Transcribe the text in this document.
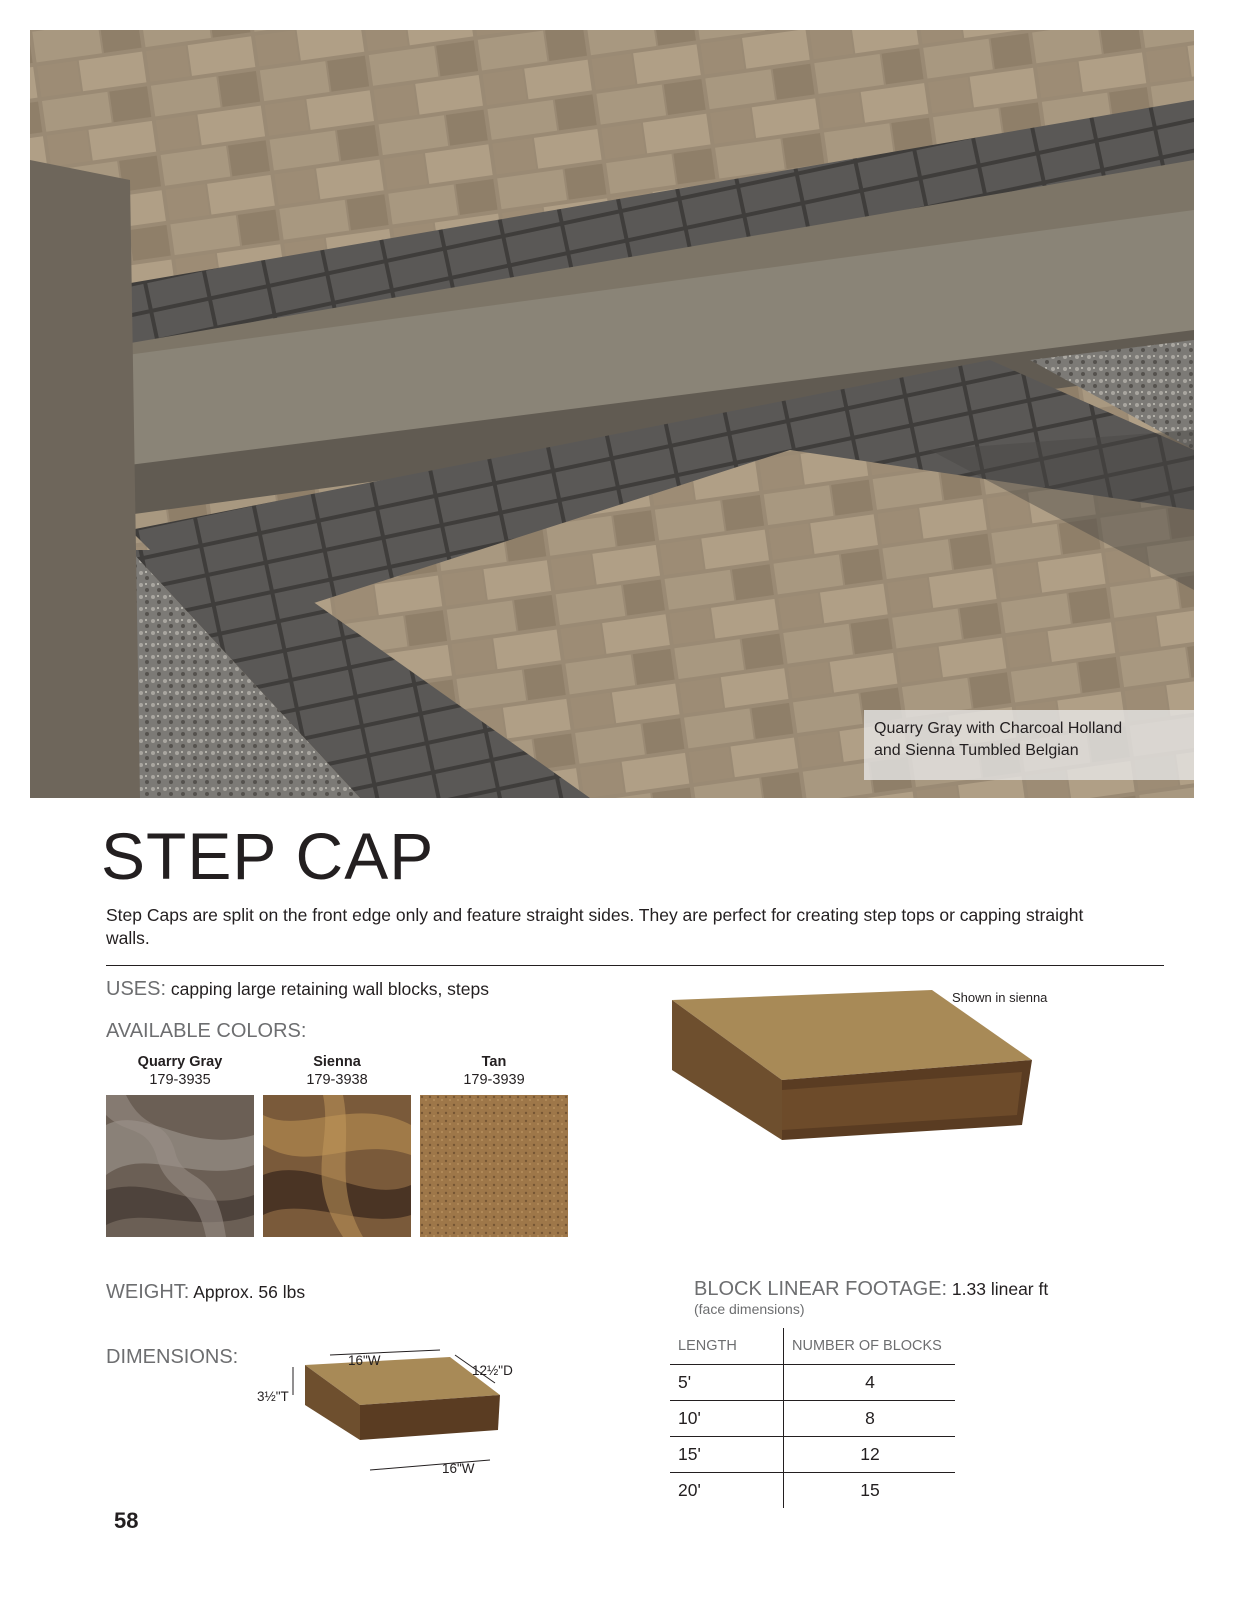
Quarry Gray with Charcoal Holland
and Sienna Tumbled Belgian
STEP CAP
Step Caps are split on the front edge only and feature straight sides. They are perfect for creating step tops or capping straight walls.
USES: capping large retaining wall blocks, steps
AVAILABLE COLORS:
Quarry Gray
179-3935
Sienna
179-3938
Tan
179-3939
Shown in sienna
WEIGHT: Approx. 56 lbs
DIMENSIONS:	16"W
12½"D
3½"T
16"W
BLOCK LINEAR FOOTAGE: 1.33 linear ft
(face dimensions)
LENGTH	NUMBER OF BLOCKS
5'	4
10'	8
15'	12
20'	15
58
